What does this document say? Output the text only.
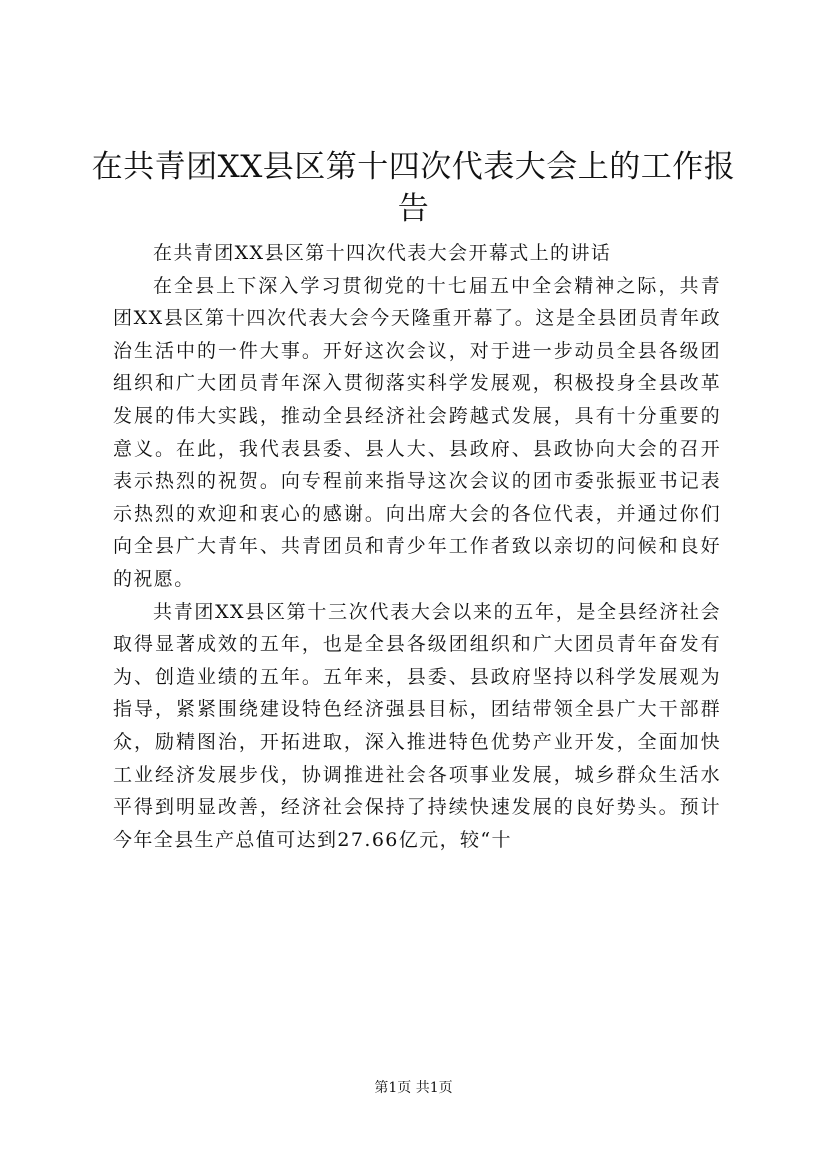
在共青团XX县区第十四次代表大会上的工作报告

在共青团XX县区第十四次代表大会开幕式上的讲话

在全县上下深入学习贯彻党的十七届五中全会精神之际，共青团XX县区第十四次代表大会今天隆重开幕了。这是全县团员青年政治生活中的一件大事。开好这次会议，对于进一步动员全县各级团组织和广大团员青年深入贯彻落实科学发展观，积极投身全县改革发展的伟大实践，推动全县经济社会跨越式发展，具有十分重要的意义。在此，我代表县委、县人大、县政府、县政协向大会的召开表示热烈的祝贺。向专程前来指导这次会议的团市委张振亚书记表示热烈的欢迎和衷心的感谢。向出席大会的各位代表，并通过你们向全县广大青年、共青团员和青少年工作者致以亲切的问候和良好的祝愿。

共青团XX县区第十三次代表大会以来的五年，是全县经济社会取得显著成效的五年，也是全县各级团组织和广大团员青年奋发有为、创造业绩的五年。五年来，县委、县政府坚持以科学发展观为指导，紧紧围绕建设特色经济强县目标，团结带领全县广大干部群众，励精图治，开拓进取，深入推进特色优势产业开发，全面加快工业经济发展步伐，协调推进社会各项事业发展，城乡群众生活水平得到明显改善，经济社会保持了持续快速发展的良好势头。预计今年全县生产总值可达到27.66亿元，较“十

第1页 共1页
